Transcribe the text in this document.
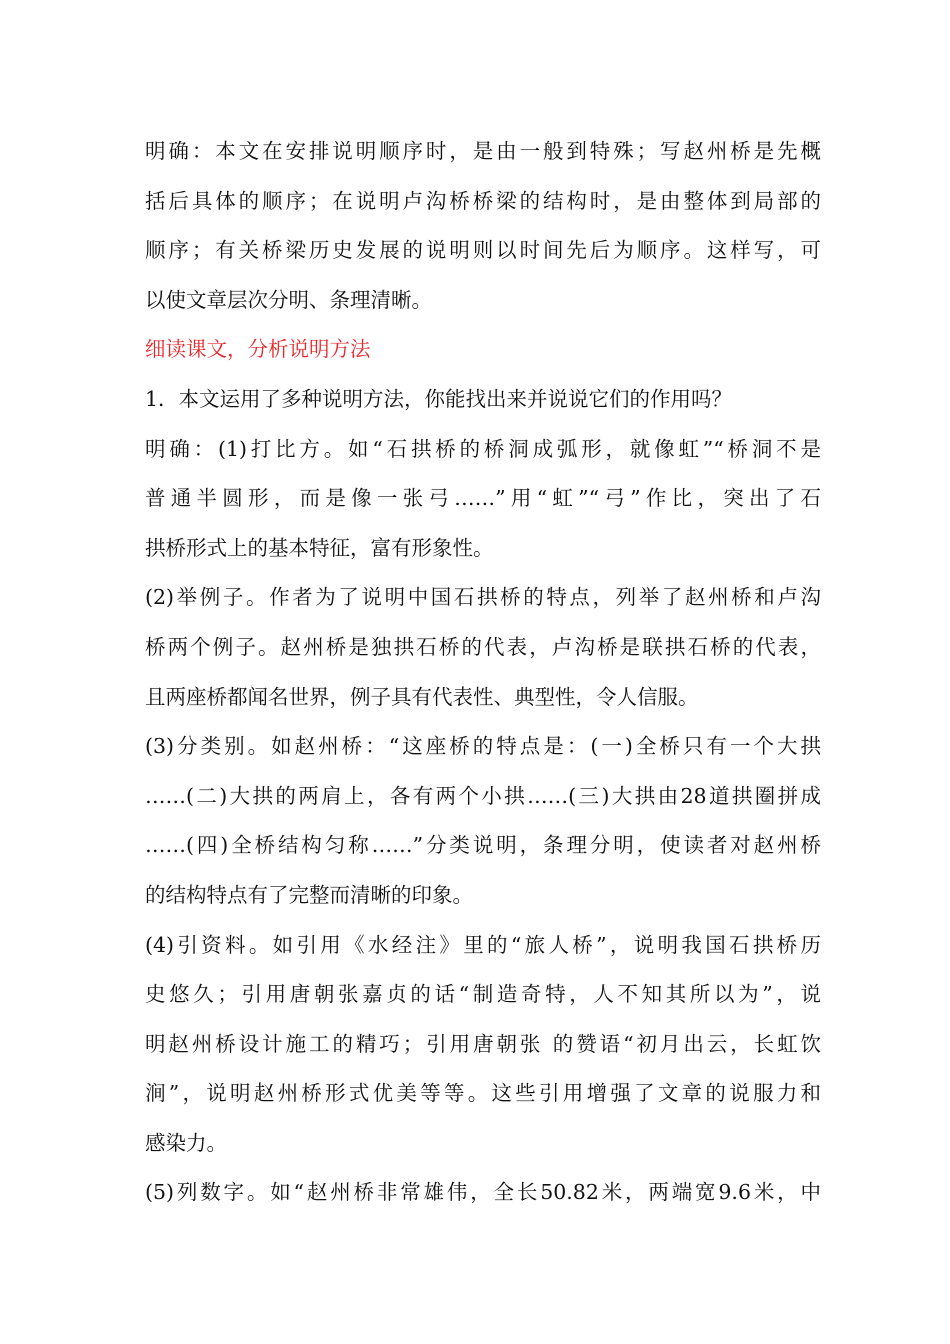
明确：本文在安排说明顺序时，是由一般到特殊；写赵州桥是先概
括后具体的顺序；在说明卢沟桥桥梁的结构时，是由整体到局部的
顺序；有关桥梁历史发展的说明则以时间先后为顺序。这样写，可
以使文章层次分明、条理清晰。
细读课文，分析说明方法
1．本文运用了多种说明方法，你能找出来并说说它们的作用吗？
明确：(1)打比方。如“石拱桥的桥洞成弧形，就像虹”“桥洞不是
普通半圆形，而是像一张弓……”用“虹”“弓”作比，突出了石
拱桥形式上的基本特征，富有形象性。
(2)举例子。作者为了说明中国石拱桥的特点，列举了赵州桥和卢沟
桥两个例子。赵州桥是独拱石桥的代表，卢沟桥是联拱石桥的代表，
且两座桥都闻名世界，例子具有代表性、典型性，令人信服。
(3)分类别。如赵州桥：“这座桥的特点是：(一)全桥只有一个大拱
……(二)大拱的两肩上，各有两个小拱……(三)大拱由28道拱圈拼成
……(四)全桥结构匀称……”分类说明，条理分明，使读者对赵州桥
的结构特点有了完整而清晰的印象。
(4)引资料。如引用《水经注》里的“旅人桥”，说明我国石拱桥历
史悠久；引用唐朝张嘉贞的话“制造奇特，人不知其所以为”，说
明赵州桥设计施工的精巧；引用唐朝张 的赞语“初月出云，长虹饮
涧”，说明赵州桥形式优美等等。这些引用增强了文章的说服力和
感染力。
(5)列数字。如“赵州桥非常雄伟，全长50.82米，两端宽9.6米，中
